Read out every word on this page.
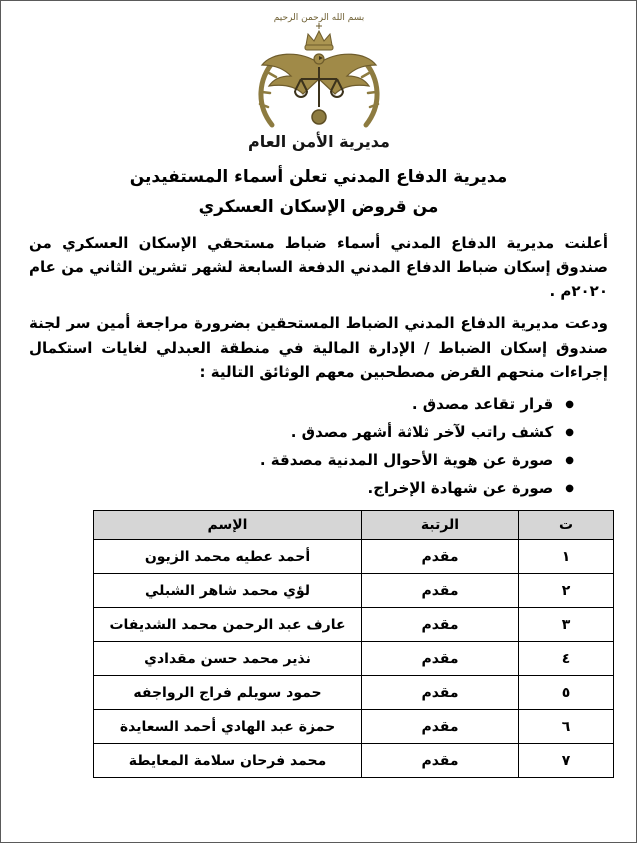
بسم الله الرحمن الرحيم
مديرية الأمن العام
مديرية الدفاع المدني تعلن أسماء المستفيدين
من قروض الإسكان العسكري

أعلنت مديرية الدفاع المدني أسماء ضباط مستحقي الإسكان العسكري من صندوق إسكان ضباط الدفاع المدني الدفعة السابعة لشهر تشرين الثاني من عام ٢٠٢٠م .

ودعت مديرية الدفاع المدني الضباط المستحقين بضرورة مراجعة أمين سر لجنة صندوق إسكان الضباط / الإدارة المالية في منطقة العبدلي لغايات استكمال إجراءات منحهم القرض مصطحبين معهم الوثائق التالية :

● قرار تقاعد مصدق .
● كشف راتب لآخر ثلاثة أشهر مصدق .
● صورة عن هوية الأحوال المدنية مصدقة .
● صورة عن شهادة الإخراج.
ت	الرتبة	الإسم
١	مقدم	أحمد عطيه محمد الزيون
٢	مقدم	لؤي محمد شاهر الشبلي
٣	مقدم	عارف عبد الرحمن محمد الشديفات
٤	مقدم	نذير محمد حسن مقدادي
٥	مقدم	حمود سويلم فراج الرواجفه
٦	مقدم	حمزة عبد الهادي أحمد السعايدة
٧	مقدم	محمد فرحان سلامة المعايطة
